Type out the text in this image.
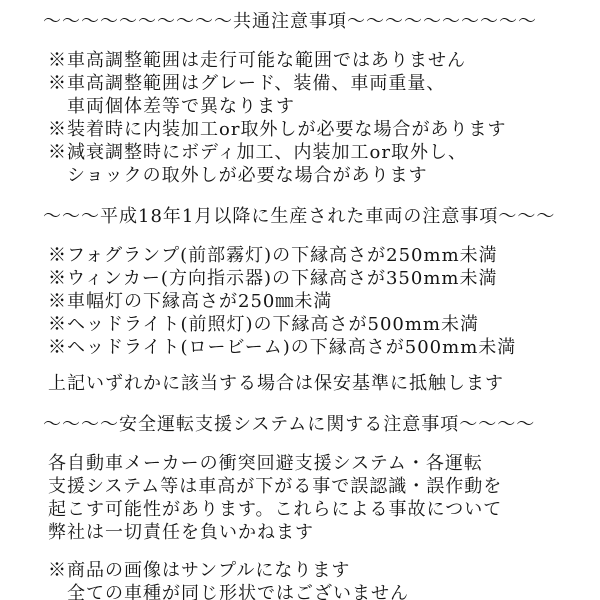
～～～～～～～～～～共通注意事項～～～～～～～～～～
※車高調整範囲は走行可能な範囲ではありません
※車高調整範囲はグレード、装備、車両重量、
車両個体差等で異なります
※装着時に内装加工or取外しが必要な場合があります
※減衰調整時にボディ加工、内装加工or取外し、
ショックの取外しが必要な場合があります
～～～平成18年1月以降に生産された車両の注意事項～～～
※フォグランプ(前部霧灯)の下縁高さが250mm未満
※ウィンカー(方向指示器)の下縁高さが350mm未満
※車幅灯の下縁高さが250㎜未満
※ヘッドライト(前照灯)の下縁高さが500mm未満
※ヘッドライト(ロービーム)の下縁高さが500mm未満
上記いずれかに該当する場合は保安基準に抵触します
～～～～安全運転支援システムに関する注意事項～～～～
各自動車メーカーの衝突回避支援システム・各運転
支援システム等は車高が下がる事で誤認識・誤作動を
起こす可能性があります。これらによる事故について
弊社は一切責任を負いかねます
※商品の画像はサンプルになります
全ての車種が同じ形状ではございません
